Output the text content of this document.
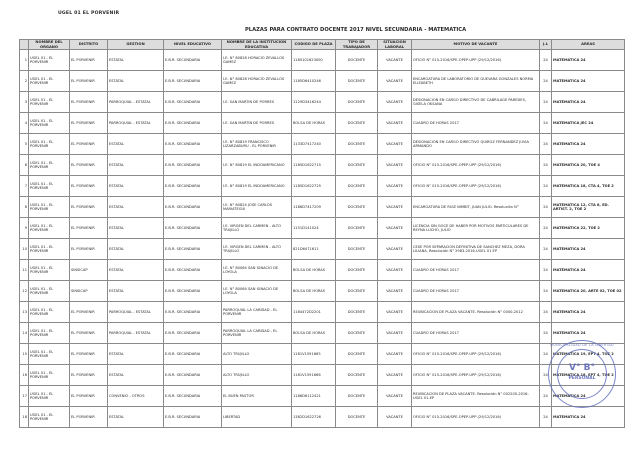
UGEL 01 EL PORVENIR
PLAZAS PARA CONTRATO DOCENTE 2017 NIVEL SECUNDARIA - MATEMATICA
	NOMBRE DEL ORGANO	DISTRITO	GESTION	NIVEL EDUCATIVO	NOMBRE DE LA INSTITUCION EDUCATIVA	CODIGO DE PLAZA	TIPO DE TRABAJADOR	SITUACION LABORAL	MOTIVO DE VACANTE	J.L	AREAS
1	UGEL 01 - EL PORVENIR	EL PORVENIR	ESTATAL	E.B.R. SECUNDARIA	I.E. N° 80828 HORACIO ZEVALLOS GAMEZ	1185101623000	DOCENTE	VACANTE	OFICIO N° 015-2016/SPE-OPEP-UPP (29/12/2016)	24	MATEMATICA 24
2	UGEL 01 - EL PORVENIR	EL PORVENIR	ESTATAL	E.B.R. SECUNDARIA	I.E. N° 80828 HORACIO ZEVALLOS GAMEZ	1185D6410246	DOCENTE	VACANTE	ENCARGATURA DE LABORATORIO DE GUEVARA GONZALES NORMA ELIZABETH	24	MATEMATICA 24
3	UGEL 01 - EL PORVENIR	EL PORVENIR	PARROQUIAL - ESTATAL	E.B.R. SECUNDARIA	I.E. SAN MARTIN DE PORRES	1129D3416244	DOCENTE	VACANTE	DESIGNACION EN CARGO DIRECTIVO DE CABRILAGE PAREDES, GISELA OKSANA	24	MATEMATICA 24
4	UGEL 01 - EL PORVENIR	EL PORVENIR	PARROQUIAL - ESTATAL	E.B.R. SECUNDARIA	I.E. SAN MARTIN DE PORRES	BOLSA DE HORAS	DOCENTE	VACANTE	CUADRO DE HORAS 2017	24	MATEMATICA JEC 24
5	UGEL 01 - EL PORVENIR	EL PORVENIR	ESTATAL	E.B.R. SECUNDARIA	I.E. N° 80819 FRANCISCO LIZARZABURU - EL PORVENIR	1133D7417240	DOCENTE	VACANTE	DESIGNACION EN CARGO DIRECTIVO QUIROZ FERNANDEZ JUVIA ARMANDO	24	MATEMATICA 24
6	UGEL 01 - EL PORVENIR	EL PORVENIR	ESTATAL	E.B.R. SECUNDARIA	I.E. N° 80819 EL INDOAMERICANO	1185D1622715	DOCENTE	VACANTE	OFICIO N° 015-2016/SPE-OPEP-UPP (29/12/2016)	24	MATEMATICA 20, TOE 4
7	UGEL 01 - EL PORVENIR	EL PORVENIR	ESTATAL	E.B.R. SECUNDARIA	I.E. N° 80819 EL INDOAMERICANO	1185D1622725	DOCENTE	VACANTE	OFICIO N° 015-2016/SPE-OPEP-UPP (29/12/2016)	24	MATEMATICA 18, CTA 4, TOE 2
8	UGEL 01 - EL PORVENIR	EL PORVENIR	ESTATAL	E.B.R. SECUNDARIA	I.E. N° 80824 JOSE CARLOS MARIATEGUI	1186D7417209	DOCENTE	VACANTE	ENCARGATURA DE RUIZ NIMBIT, JUAN JULIO. Resolución N°	24	MATEMATICA 12, CTA 8, ED. ARTIST. 2, TOE 2
9	UGEL 01 - EL PORVENIR	EL PORVENIR	ESTATAL	E.B.R. SECUNDARIA	I.E. VIRGEN DEL CARMEN - ALTO TRUJILLO	1151D141024	DOCENTE	VACANTE	LICENCIA SIN GOCE DE HABER POR MOTIVOS PARTICULARES DE REYNA LUCHO, JULIO	24	MATEMATICA 22, TOE 2
10	UGEL 01 - EL PORVENIR	EL PORVENIR	ESTATAL	E.B.R. SECUNDARIA	I.E. VIRGEN DEL CARMEN - ALTO TRUJILLO	821D6471611	DOCENTE	VACANTE	CESE POR SEPARACION DEFINITIVA DE SANCHEZ MEZA, DORA LILIANA, Resolución N° 2983-2016-UGEL 01 EP	24	MATEMATICA 24
11	UGEL 01 - EL PORVENIR	SINSICAP	ESTATAL	E.B.R. SECUNDARIA	I.E. N° 80064 SAN IGNACIO DE LOYOLA	BOLSA DE HORAS	DOCENTE	VACANTE	CUADRO DE HORAS 2017	24	MATEMATICA 24
12	UGEL 01 - EL PORVENIR	SINSICAP	ESTATAL	E.B.R. SECUNDARIA	I.E. N° 80064 SAN IGNACIO DE LOYOLA	BOLSA DE HORAS	DOCENTE	VACANTE	CUADRO DE HORAS 2017	24	MATEMATICA 20, ARTE 02, TOE 02
13	UGEL 01 - EL PORVENIR	EL PORVENIR	PARROQUIAL - ESTATAL	E.B.R. SECUNDARIA	PARROQUIAL LA CARIDAD - EL PORVENIR	1184472D2201	DOCENTE	VACANTE	REUBICACION DE PLAZA VACANTE- Resolución N° 0000-2012	24	MATEMATICA 24
14	UGEL 01 - EL PORVENIR	EL PORVENIR	PARROQUIAL - ESTATAL	E.B.R. SECUNDARIA	PARROQUIAL LA CARIDAD - EL PORVENIR	BOLSA DE HORAS	DOCENTE	VACANTE	CUADRO DE HORAS 2017	24	MATEMATICA 24
15	UGEL 01 - EL PORVENIR	EL PORVENIR	ESTATAL	E.B.R. SECUNDARIA	ALTO TRUJILLO	1181V1591665	DOCENTE	VACANTE	OFICIO N° 015-2016/SPE-OPEP-UPP (29/12/2016)	24	MATEMATICA 19, EPT 4, TOE 2
16	UGEL 01 - EL PORVENIR	EL PORVENIR	ESTATAL	E.B.R. SECUNDARIA	ALTO TRUJILLO	1181V1591666	DOCENTE	VACANTE	OFICIO N° 015-2016/SPE-OPEP-UPP (29/12/2016)	24	MATEMATICA 18, EPT 4, TOE 2
17	UGEL 01 - EL PORVENIR	EL PORVENIR	CONVENIO - OTROS	E.B.R. SECUNDARIA	EL BUEN PASTOR	1186D6112421	DOCENTE	VACANTE	REUBICACION DE PLAZA VACANTE- Resolución N° 002205-2016-UGEL 01-EP	24	MATEMATICA 24
18	UGEL 01 - EL PORVENIR	EL PORVENIR	ESTATAL	E.B.R. SECUNDARIA	LIBERTAD	1382D1622726	DOCENTE	VACANTE	OFICIO N° 015-2016/SPE-OPEP-UPP (29/12/2016)	24	MATEMATICA 24
MUNICIPALIDAD DE LA LIBERTAD
V° B°
PERSONAL
